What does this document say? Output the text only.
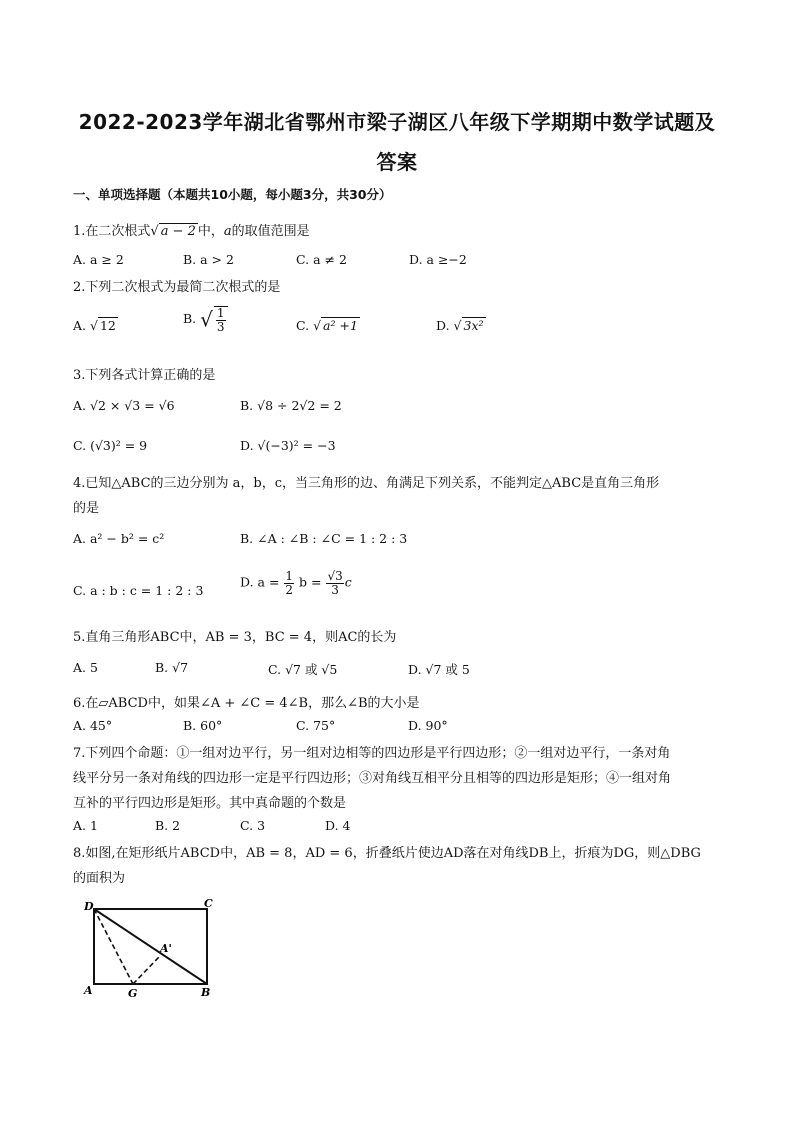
2022-2023学年湖北省鄂州市梁子湖区八年级下学期期中数学试题及
答案
一、单项选择题（本题共10小题，每小题3分，共30分）
1.在二次根式√ a − 2 中，a的取值范围是
A. a ≥ 2	B. a > 2	C. a ≠ 2	D. a ≥−2
2.下列二次根式为最简二次根式的是
A. √ 12	B. √ $\frac{1}{3}$	C. √ a² +1	D. √ 3x²
3.下列各式计算正确的是
A. √2 × √3 = √6	B. √8 ÷ 2√2 = 2
C. (√3)² = 9	D. √(−3)² = −3
4.已知△ABC的三边分别为 a，b，c，当三角形的边、角满足下列关系，不能判定△ABC是直角三角形
的是
A. a² − b² = c²	B. ∠A : ∠B : ∠C = 1 : 2 : 3
C. a : b : c = 1 : 2 : 3
D. $a = \frac{1}{2}$ $b = \frac{√3}{3}$ c
5.直角三角形ABC中，AB = 3，BC = 4，则AC的长为
A. 5	B. √7	C. √7 或 √5	D. √7 或 5
6.在▱ABCD中，如果∠A + ∠C = 4∠B，那么∠B的大小是
A. 45°	B. 60°	C. 75°	D. 90°
7.下列四个命题：①一组对边平行，另一组对边相等的四边形是平行四边形；②一组对边平行，一条对角
线平分另一条对角线的四边形一定是平行四边形；③对角线互相平分且相等的四边形是矩形；④一组对角
互补的平行四边形是矩形。其中真命题的个数是
A. 1	B. 2	C. 3	D. 4
8.如图,在矩形纸片ABCD中，AB = 8，AD = 6，折叠纸片使边AD落在对角线DB上，折痕为DG，则△DBG
的面积为
D	C
A	G	B
A'
